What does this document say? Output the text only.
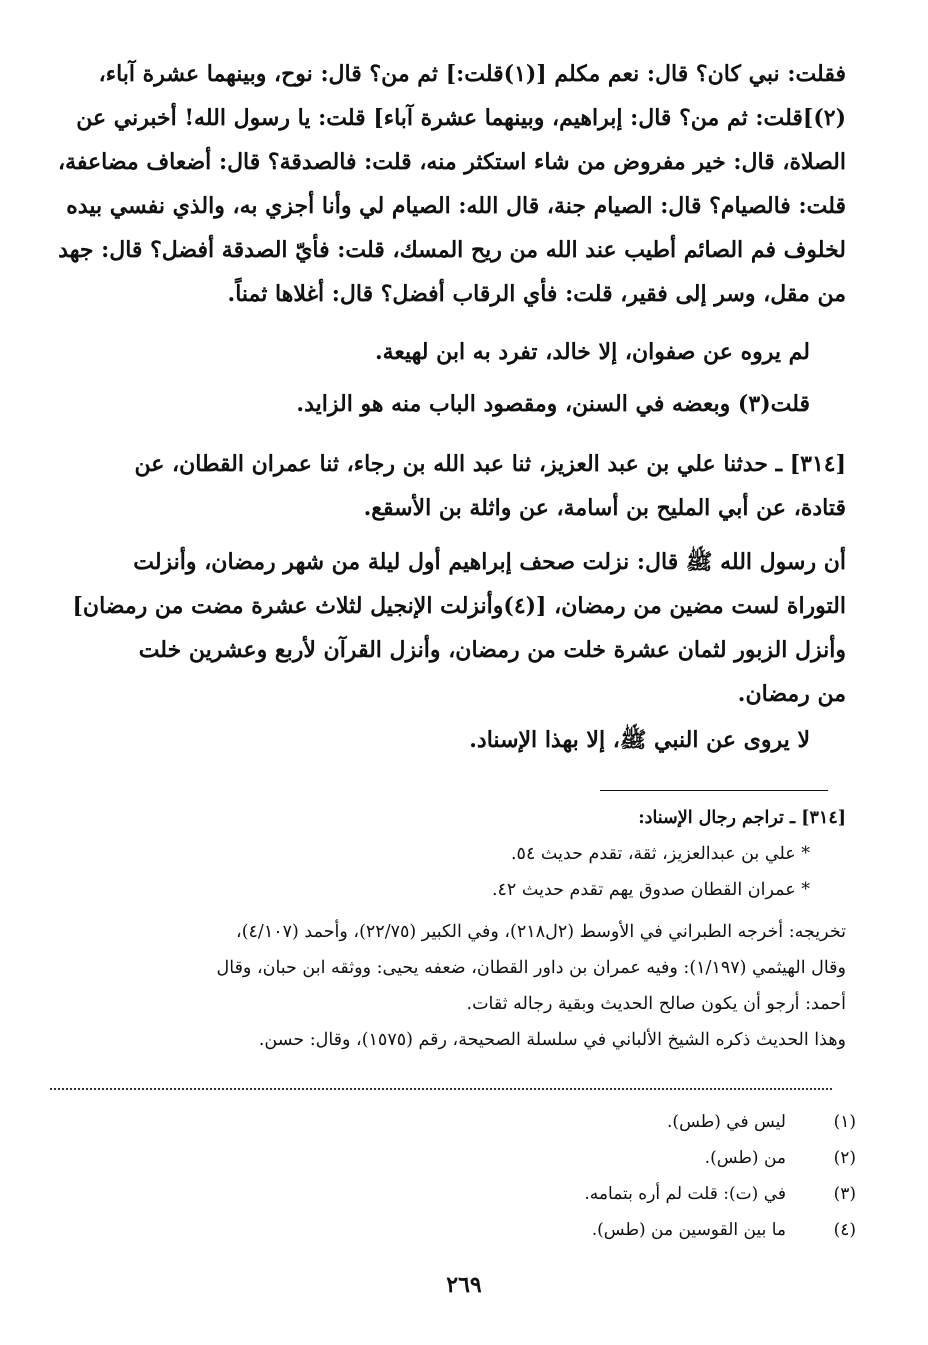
فقلت: نبي كان؟ قال: نعم مكلم [(١)قلت:] ثم من؟ قال: نوح، وبينهما عشرة آباء،
(٢)]قلت: ثم من؟ قال: إبراهيم، وبينهما عشرة آباء] قلت: يا رسول الله! أخبرني عن
الصلاة، قال: خير مفروض من شاء استكثر منه، قلت: فالصدقة؟ قال: أضعاف مضاعفة،
قلت: فالصيام؟ قال: الصيام جنة، قال الله: الصيام لي وأنا أجزي به، والذي نفسي بيده
لخلوف فم الصائم أطيب عند الله من ريح المسك، قلت: فأيّ الصدقة أفضل؟ قال: جهد
من مقل، وسر إلى فقير، قلت: فأي الرقاب أفضل؟ قال: أغلاها ثمناً.
لم يروه عن صفوان، إلا خالد، تفرد به ابن لهيعة.
قلت(٣) وبعضه في السنن، ومقصود الباب منه هو الزايد.
[٣١٤] ـ حدثنا علي بن عبد العزيز، ثنا عبد الله بن رجاء، ثنا عمران القطان، عن
قتادة، عن أبي المليح بن أسامة، عن واثلة بن الأسقع.
أن رسول الله ﷺ قال: نزلت صحف إبراهيم أول ليلة من شهر رمضان، وأنزلت
التوراة لست مضين من رمضان، [(٤)وأنزلت الإنجيل لثلاث عشرة مضت من رمضان]
وأنزل الزبور لثمان عشرة خلت من رمضان، وأنزل القرآن لأربع وعشرين خلت
من رمضان.
لا يروى عن النبي ﷺ، إلا بهذا الإسناد.
[٣١٤] ـ تراجم رجال الإسناد:
* علي بن عبدالعزيز، ثقة، تقدم حديث ٥٤.
* عمران القطان صدوق يهم تقدم حديث ٤٢.
تخريجه: أخرجه الطبراني في الأوسط (٢ل٢١٨)، وفي الكبير (٢٢/٧٥)، وأحمد (٤/١٠٧)،
وقال الهيثمي (١/١٩٧): وفيه عمران بن داور القطان، ضعفه يحيى: ووثقه ابن حبان، وقال
أحمد: أرجو أن يكون صالح الحديث وبقية رجاله ثقات.
وهذا الحديث ذكره الشيخ الألباني في سلسلة الصحيحة، رقم (١٥٧٥)، وقال: حسن.
(١)
ليس في (طس).
(٢)
من (طس).
(٣)
في (ت): قلت لم أره بتمامه.
(٤)
ما بين القوسين من (طس).
٢٦٩
